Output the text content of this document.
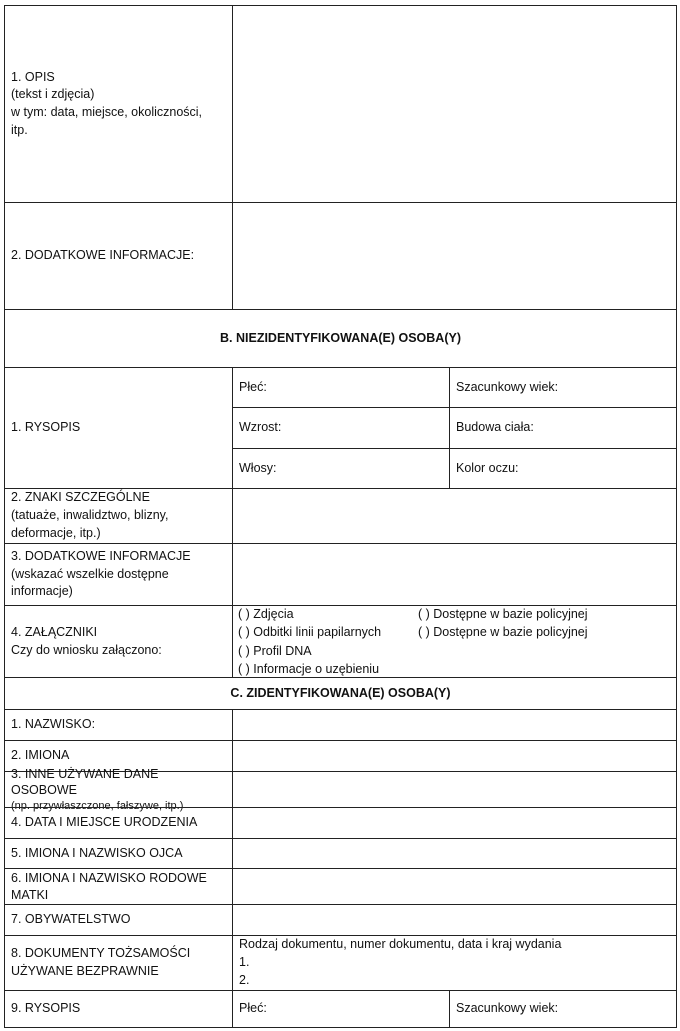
1. OPIS
(tekst i zdjęcia)
w tym: data, miejsce, okoliczności,
itp.
2. DODATKOWE INFORMACJE:
B. NIEZIDENTYFIKOWANA(E) OSOBA(Y)
1. RYSOPIS
Płeć:	Szacunkowy wiek:
Wzrost:	Budowa ciała:
Włosy:	Kolor oczu:
2. ZNAKI SZCZEGÓLNE
(tatuaże, inwalidztwo, blizny,
deformacje, itp.)
3. DODATKOWE INFORMACJE
(wskazać wszelkie dostępne
informacje)
4. ZAŁĄCZNIKI
Czy do wniosku załączono:
( ) Zdjęcia	( ) Dostępne w bazie policyjnej
( ) Odbitki linii papilarnych	( ) Dostępne w bazie policyjnej
( ) Profil DNA
( ) Informacje o uzębieniu
C. ZIDENTYFIKOWANA(E) OSOBA(Y)
1. NAZWISKO:
2. IMIONA
3. INNE UŻYWANE DANE OSOBOWE
(np. przywłaszczone, fałszywe, itp.)
4. DATA I MIEJSCE URODZENIA
5. IMIONA I NAZWISKO OJCA
6. IMIONA I NAZWISKO RODOWE
MATKI
7. OBYWATELSTWO
8. DOKUMENTY TOŻSAMOŚCI
UŻYWANE BEZPRAWNIE
Rodzaj dokumentu, numer dokumentu, data i kraj wydania
1.
2.
9. RYSOPIS	Płeć:	Szacunkowy wiek:
